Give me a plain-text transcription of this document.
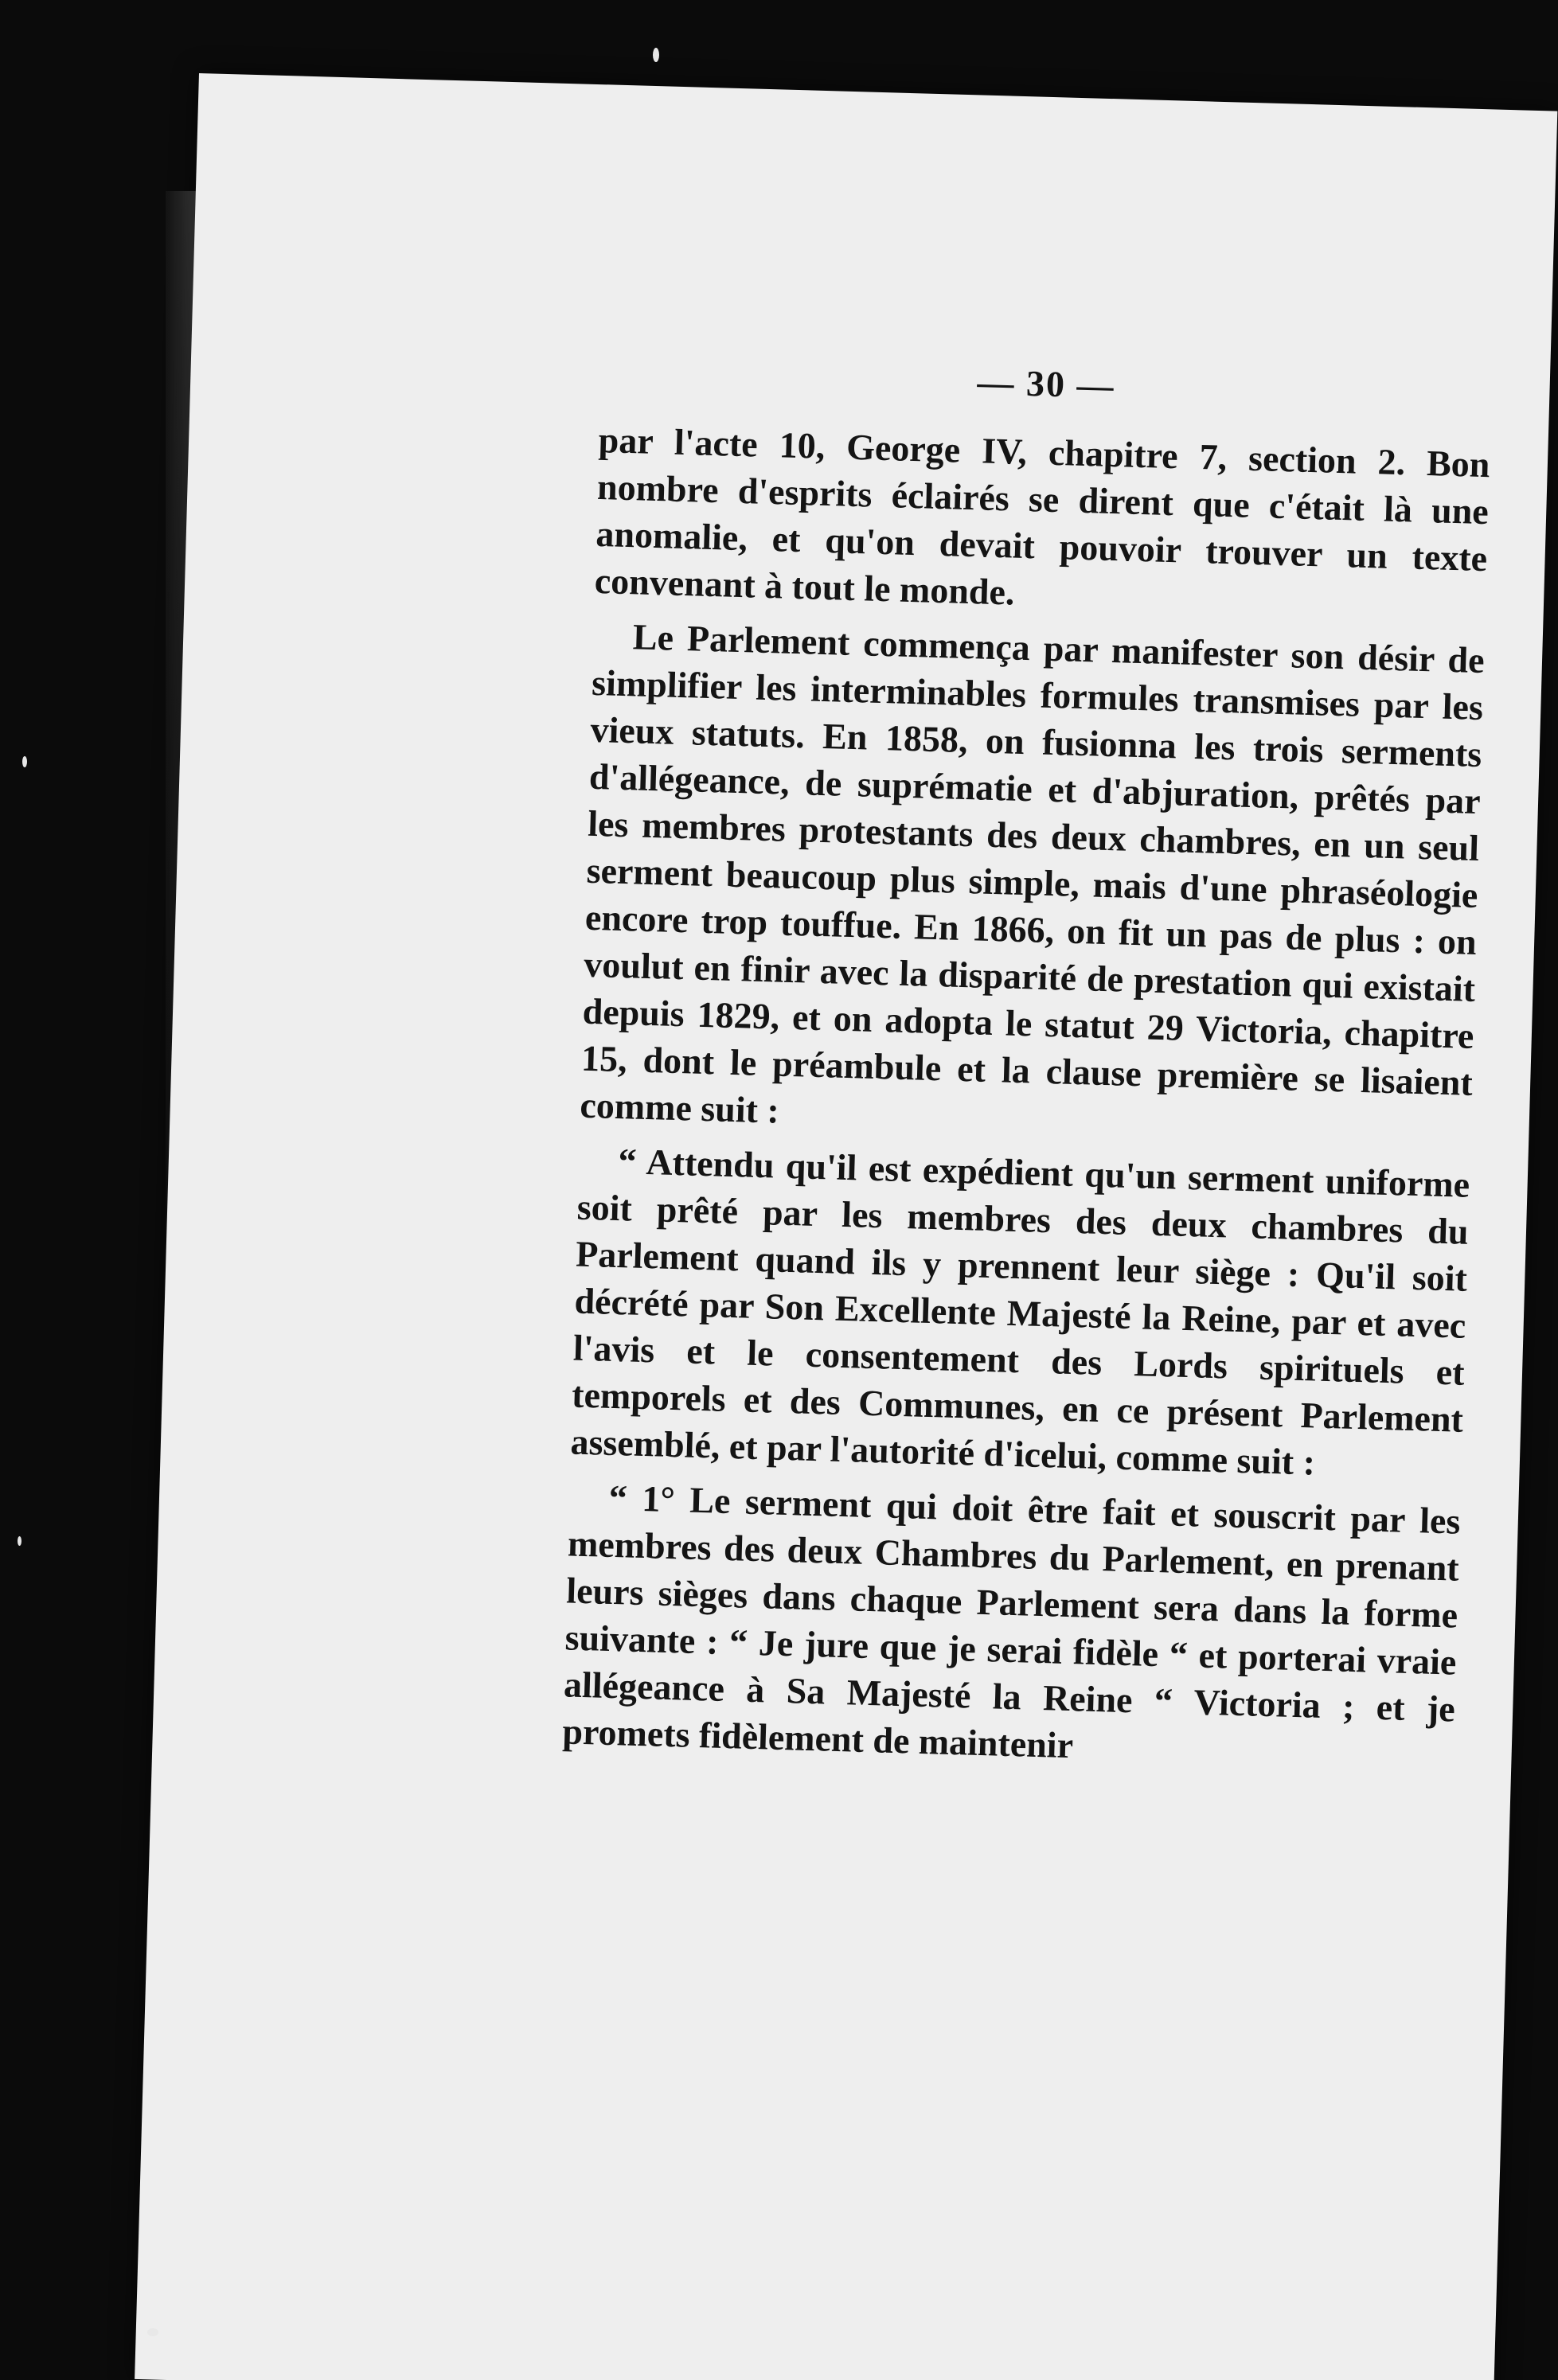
— 30 —

par l'acte 10, George IV, chapitre 7, section 2. Bon nombre d'esprits éclairés se dirent que c'était là une anomalie, et qu'on devait pouvoir trouver un texte convenant à tout le monde.

Le Parlement commença par manifester son désir de simplifier les interminables formules transmises par les vieux statuts. En 1858, on fusionna les trois serments d'allégeance, de suprématie et d'abjuration, prêtés par les membres protestants des deux chambres, en un seul serment beaucoup plus simple, mais d'une phraséologie encore trop touffue. En 1866, on fit un pas de plus : on voulut en finir avec la disparité de prestation qui existait depuis 1829, et on adopta le statut 29 Victoria, chapitre 15, dont le préambule et la clause première se lisaient comme suit :

“ Attendu qu'il est expédient qu'un serment uniforme soit prêté par les membres des deux chambres du Parlement quand ils y prennent leur siège : Qu'il soit décrété par Son Excellente Majesté la Reine, par et avec l'avis et le consentement des Lords spirituels et temporels et des Communes, en ce présent Parlement assemblé, et par l'autorité d'icelui, comme suit :

“ 1° Le serment qui doit être fait et souscrit par les membres des deux Chambres du Parlement, en prenant leurs sièges dans chaque Parlement sera dans la forme suivante : “ Je jure que je serai fidèle “ et porterai vraie allégeance à Sa Majesté la Reine “ Victoria ; et je promets fidèlement de maintenir
